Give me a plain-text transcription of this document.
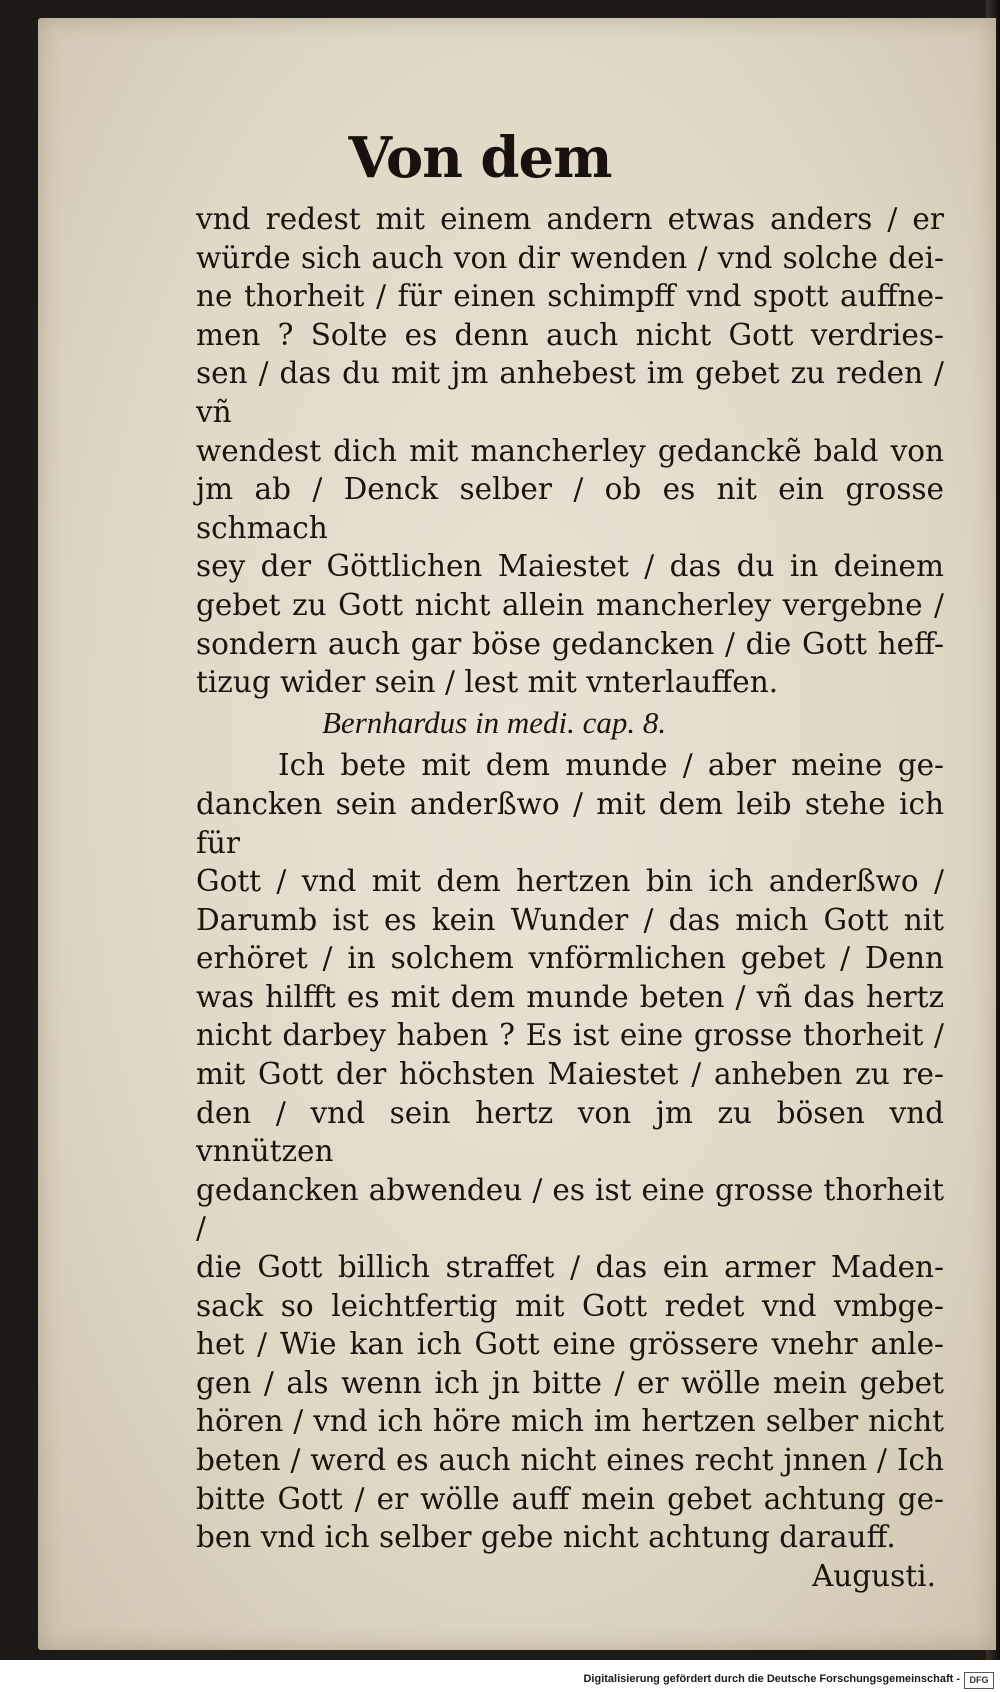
Von dem
vnd redest mit einem andern etwas anders / er
würde sich auch von dir wenden / vnd solche dei-
ne thorheit / für einen schimpff vnd spott auffne-
men ? Solte es denn auch nicht Gott verdries-
sen / das du mit jm anhebest im gebet zu reden / vñ
wendest dich mit mancherley gedanckẽ bald von
jm ab / Denck selber / ob es nit ein grosse schmach
sey der Göttlichen Maiestet / das du in deinem
gebet zu Gott nicht allein mancherley vergebne /
sondern auch gar böse gedancken / die Gott heff-
tizug wider sein / lest mit vnterlauffen.
Bernhardus in medi. cap. 8.
Ich bete mit dem munde / aber meine ge-
dancken sein anderßwo / mit dem leib stehe ich für
Gott / vnd mit dem hertzen bin ich anderßwo /
Darumb ist es kein Wunder / das mich Gott nit
erhöret / in solchem vnförmlichen gebet / Denn
was hilfft es mit dem munde beten / vñ das hertz
nicht darbey haben ? Es ist eine grosse thorheit /
mit Gott der höchsten Maiestet / anheben zu re-
den / vnd sein hertz von jm zu bösen vnd vnnützen
gedancken abwendeu / es ist eine grosse thorheit /
die Gott billich straffet / das ein armer Maden-
sack so leichtfertig mit Gott redet vnd vmbge-
het / Wie kan ich Gott eine grössere vnehr anle-
gen / als wenn ich jn bitte / er wölle mein gebet
hören / vnd ich höre mich im hertzen selber nicht
beten / werd es auch nicht eines recht jnnen / Ich
bitte Gott / er wölle auff mein gebet achtung ge-
ben vnd ich selber gebe nicht achtung darauff.
Augusti.
Digitalisierung gefördert durch die Deutsche Forschungsgemeinschaft -	DFG
